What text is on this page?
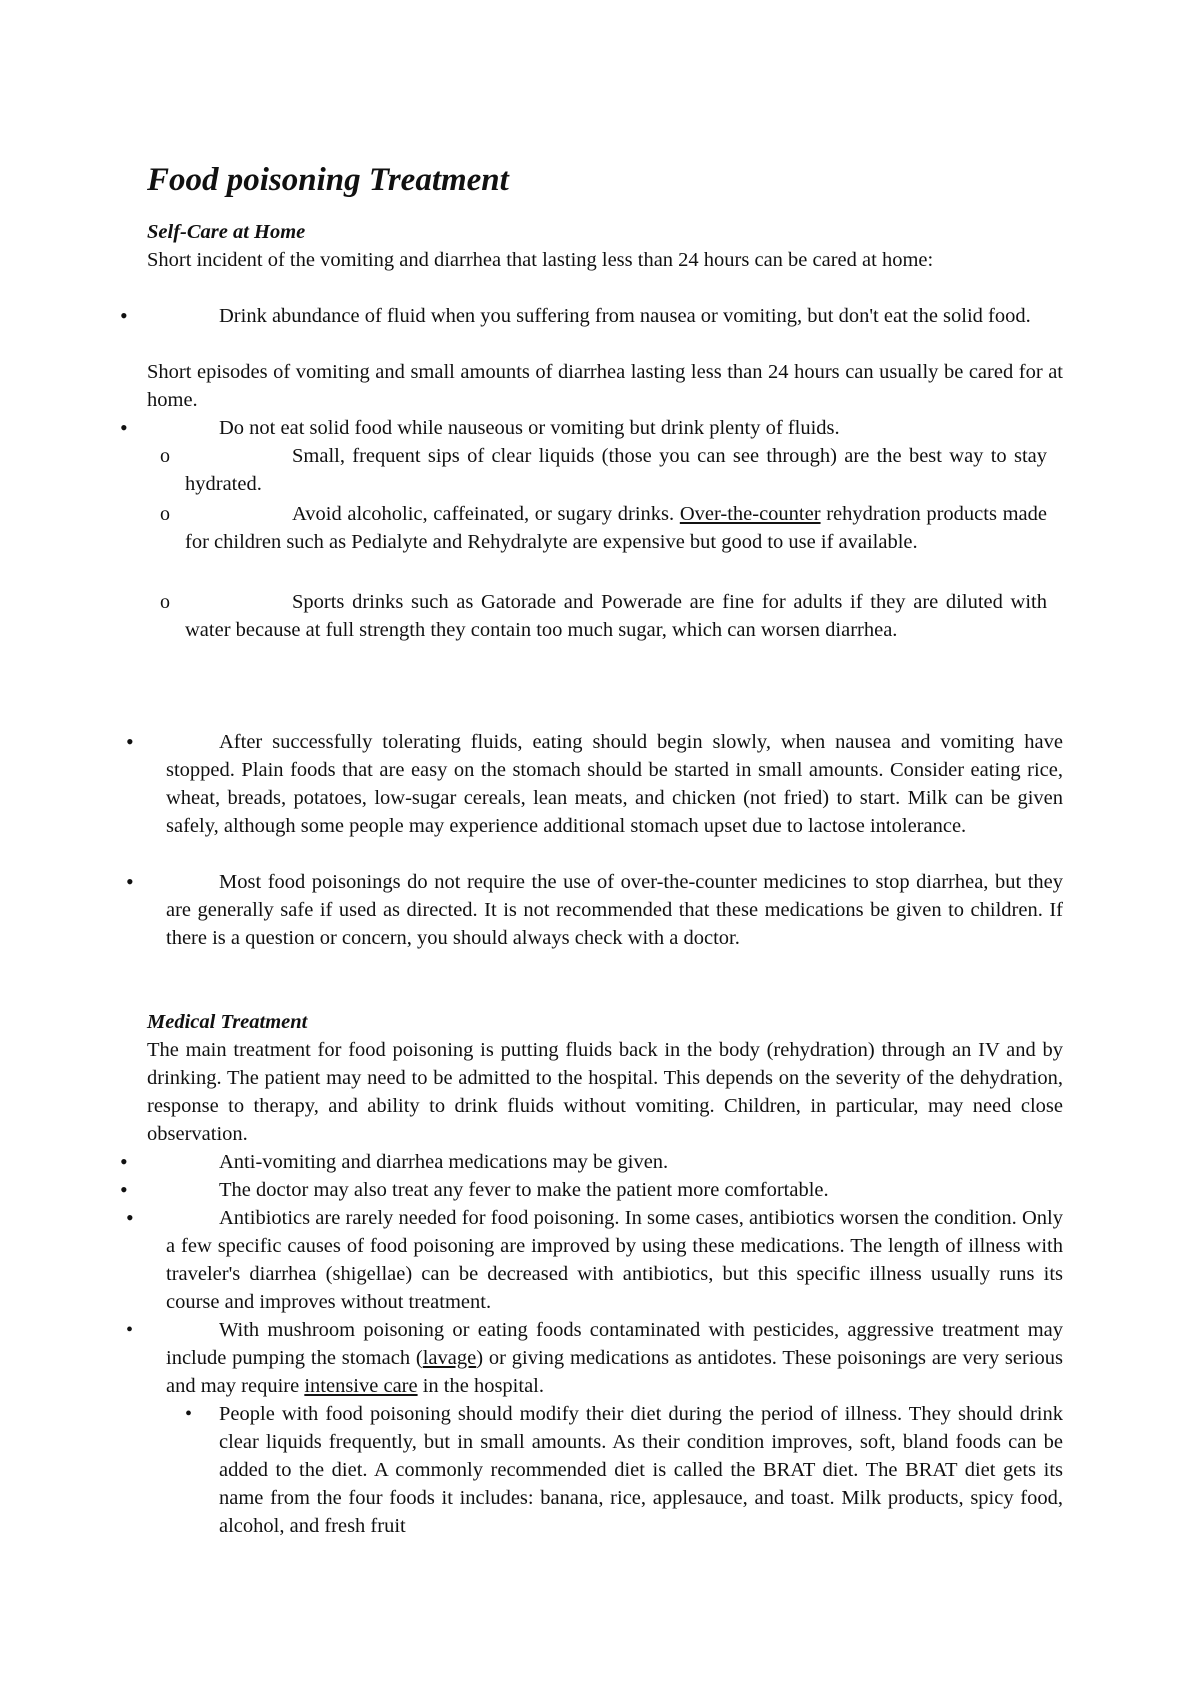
Food poisoning Treatment

Self-Care at Home

Short incident of the vomiting and diarrhea that lasting less than 24 hours can be cared at home:

•	Drink abundance of fluid when you suffering from nausea or vomiting, but don't eat the solid food.

Short episodes of vomiting and small amounts of diarrhea lasting less than 24 hours can usually be cared for at home.

•	Do not eat solid food while nauseous or vomiting but drink plenty of fluids.
o	Small, frequent sips of clear liquids (those you can see through) are the best way to stay hydrated.
o	Avoid alcoholic, caffeinated, or sugary drinks. Over-the-counter rehydration products made for children such as Pedialyte and Rehydralyte are expensive but good to use if available.
o	Sports drinks such as Gatorade and Powerade are fine for adults if they are diluted with water because at full strength they contain too much sugar, which can worsen diarrhea.
•	After successfully tolerating fluids, eating should begin slowly, when nausea and vomiting have stopped. Plain foods that are easy on the stomach should be started in small amounts. Consider eating rice, wheat, breads, potatoes, low-sugar cereals, lean meats, and chicken (not fried) to start. Milk can be given safely, although some people may experience additional stomach upset due to lactose intolerance.
•	Most food poisonings do not require the use of over-the-counter medicines to stop diarrhea, but they are generally safe if used as directed. It is not recommended that these medications be given to children. If there is a question or concern, you should always check with a doctor.

Medical Treatment

The main treatment for food poisoning is putting fluids back in the body (rehydration) through an IV and by drinking. The patient may need to be admitted to the hospital. This depends on the severity of the dehydration, response to therapy, and ability to drink fluids without vomiting. Children, in particular, may need close observation.

•	Anti-vomiting and diarrhea medications may be given.
•	The doctor may also treat any fever to make the patient more comfortable.
•	Antibiotics are rarely needed for food poisoning. In some cases, antibiotics worsen the condition. Only a few specific causes of food poisoning are improved by using these medications. The length of illness with traveler's diarrhea (shigellae) can be decreased with antibiotics, but this specific illness usually runs its course and improves without treatment.
•	With mushroom poisoning or eating foods contaminated with pesticides, aggressive treatment may include pumping the stomach (lavage) or giving medications as antidotes. These poisonings are very serious and may require intensive care in the hospital.
• People with food poisoning should modify their diet during the period of illness. They should drink clear liquids frequently, but in small amounts. As their condition improves, soft, bland foods can be added to the diet. A commonly recommended diet is called the BRAT diet. The BRAT diet gets its name from the four foods it includes: banana, rice, applesauce, and toast. Milk products, spicy food, alcohol, and fresh fruit
